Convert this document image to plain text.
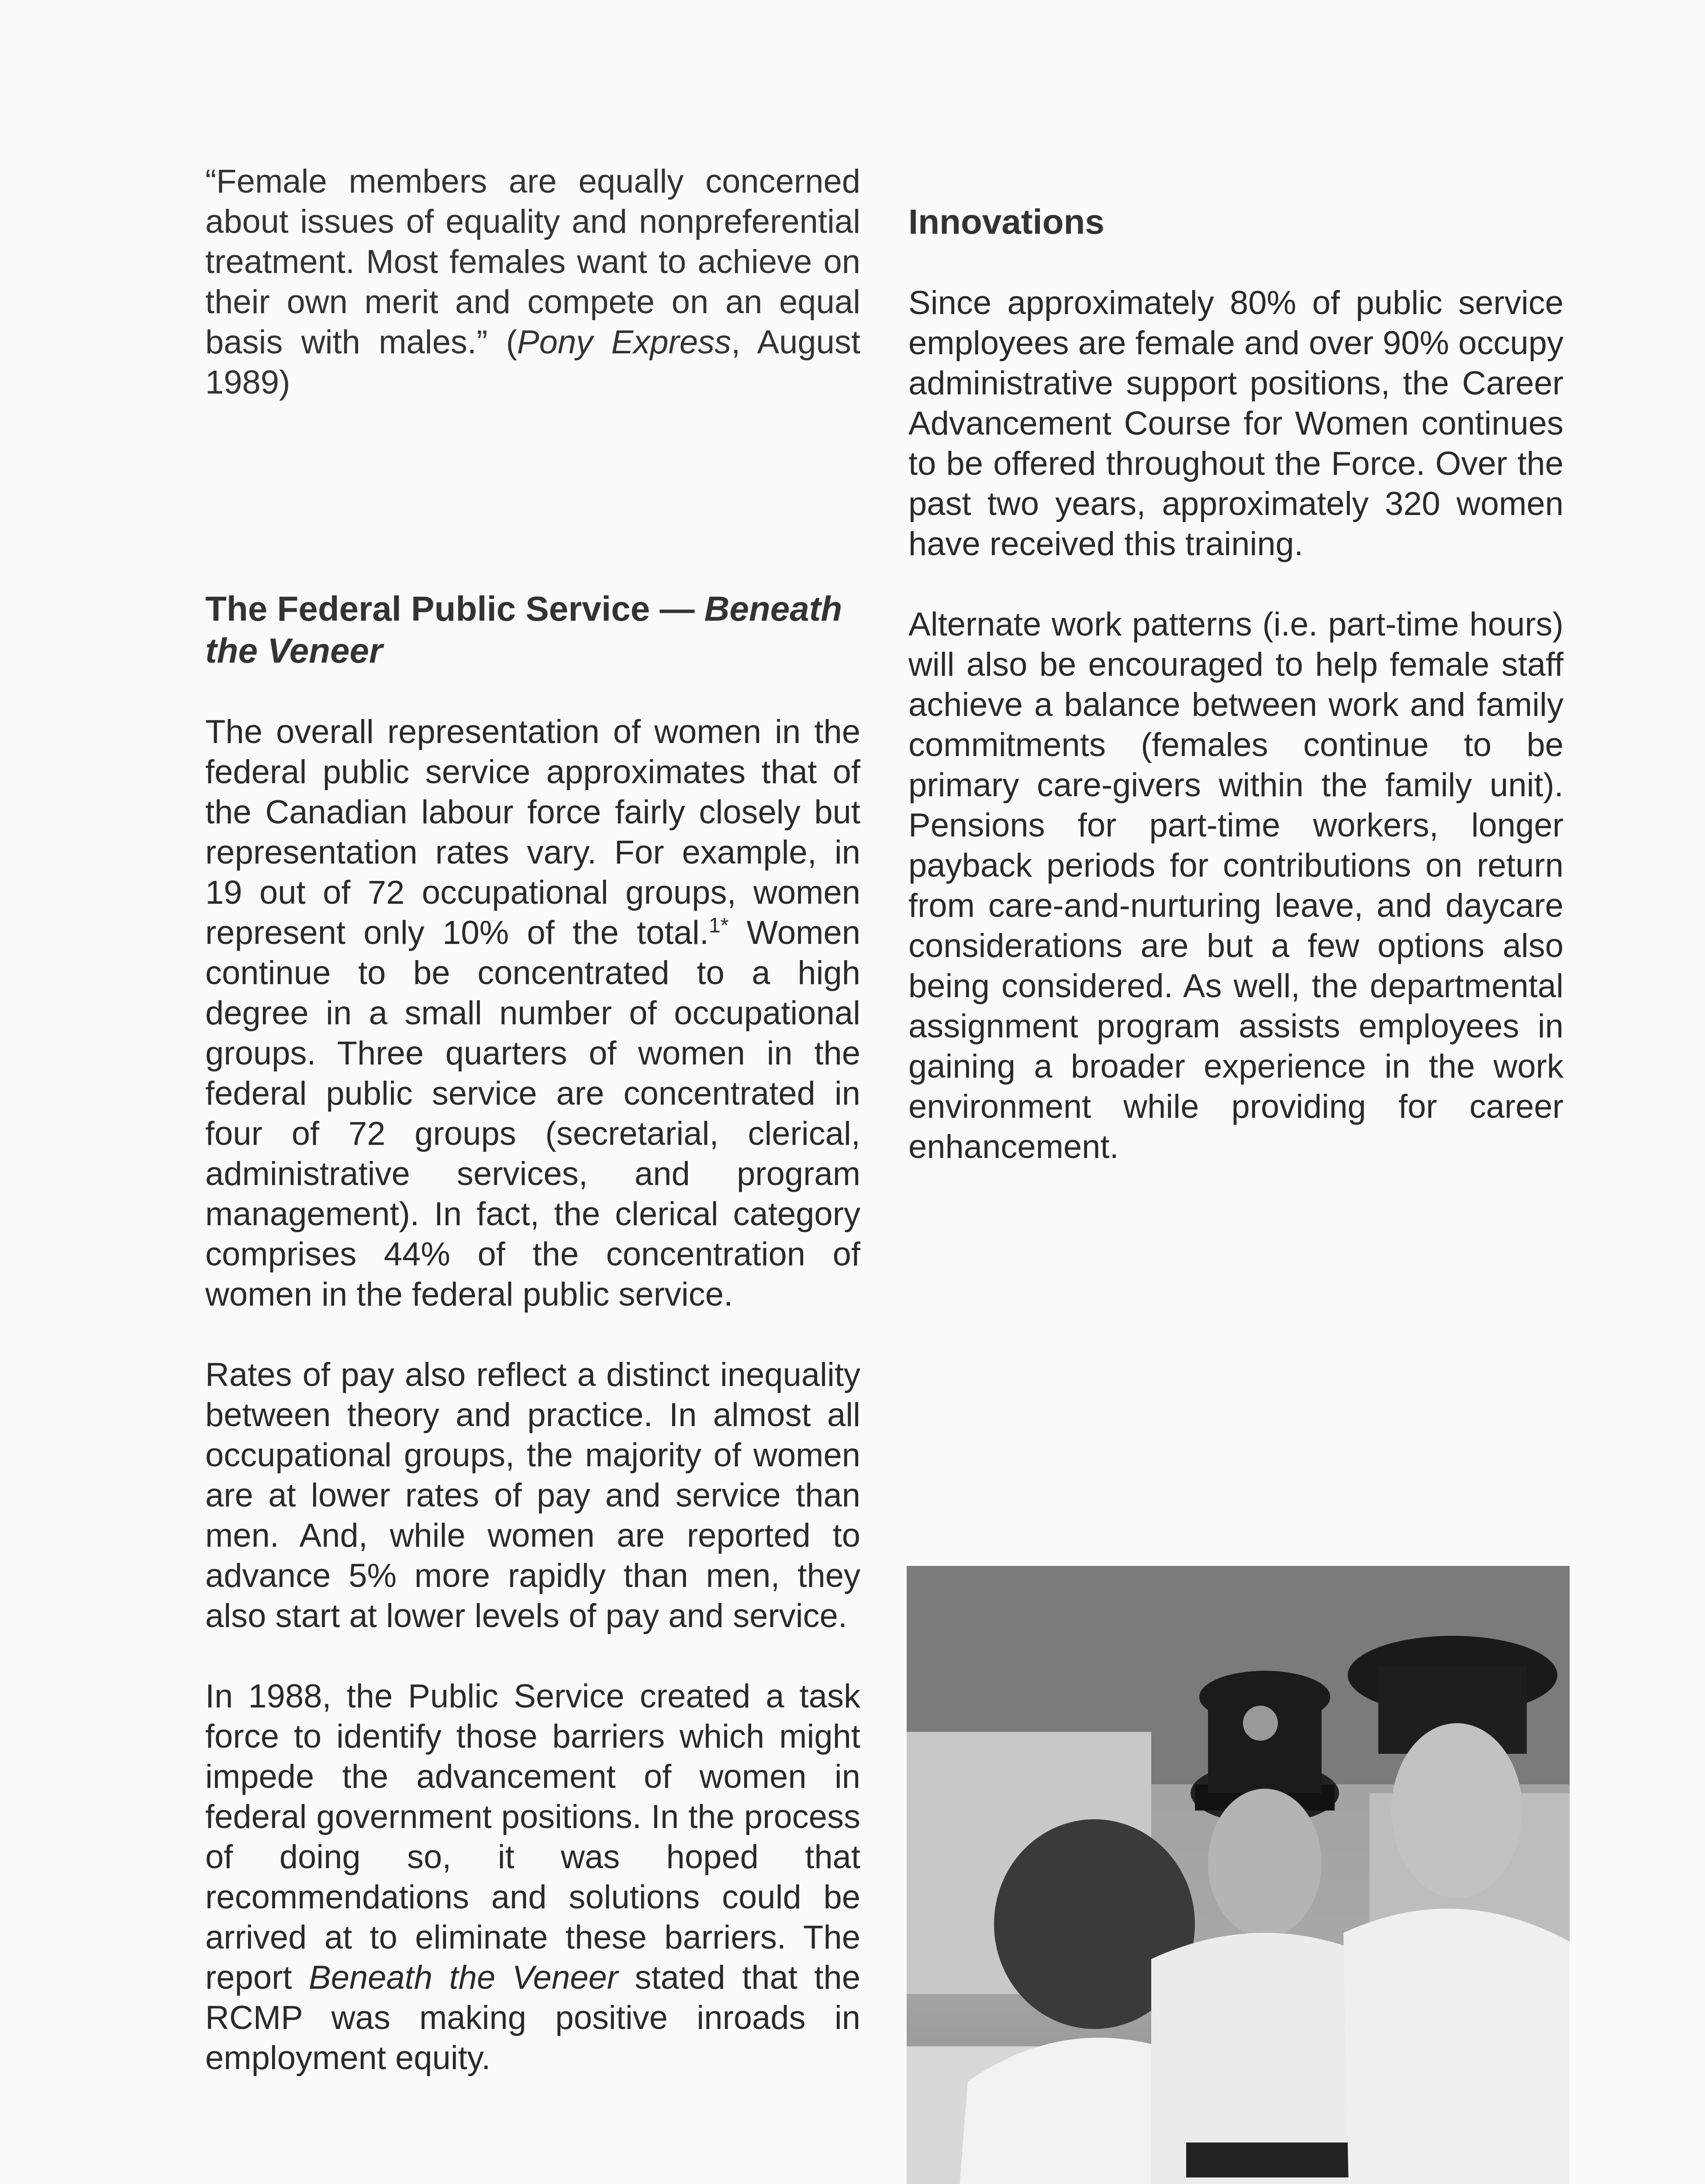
“Female members are equally concerned about issues of equality and nonpreferential treatment. Most females want to achieve on their own merit and compete on an equal basis with males.” (Pony Express, August 1989)

The Federal Public Service — Beneath the Veneer

The overall representation of women in the federal public service approximates that of the Canadian labour force fairly closely but representation rates vary. For example, in 19 out of 72 occupational groups, women represent only 10% of the total.$^{1*}$ Women continue to be concentrated to a high degree in a small number of occupational groups. Three quarters of women in the federal public service are concentrated in four of 72 groups (secretarial, clerical, administrative services, and program management). In fact, the clerical category comprises 44% of the concentration of women in the federal public service.

Rates of pay also reflect a distinct inequality between theory and practice. In almost all occupational groups, the majority of women are at lower rates of pay and service than men. And, while women are reported to advance 5% more rapidly than men, they also start at lower levels of pay and service.

In 1988, the Public Service created a task force to identify those barriers which might impede the advancement of women in federal government positions. In the process of doing so, it was hoped that recommendations and solutions could be arrived at to eliminate these barriers. The report Beneath the Veneer stated that the RCMP was making positive inroads in employment equity.

Innovations

Since approximately 80% of public service employees are female and over 90% occupy administrative support positions, the Career Advancement Course for Women continues to be offered throughout the Force. Over the past two years, approximately 320 women have received this training.

Alternate work patterns (i.e. part-time hours) will also be encouraged to help female staff achieve a balance between work and family commitments (females continue to be primary care-givers within the family unit). Pensions for part-time workers, longer payback periods for contributions on return from care-and-nurturing leave, and daycare considerations are but a few options also being considered. As well, the departmental assignment program assists employees in gaining a broader experience in the work environment while providing for career enhancement.
